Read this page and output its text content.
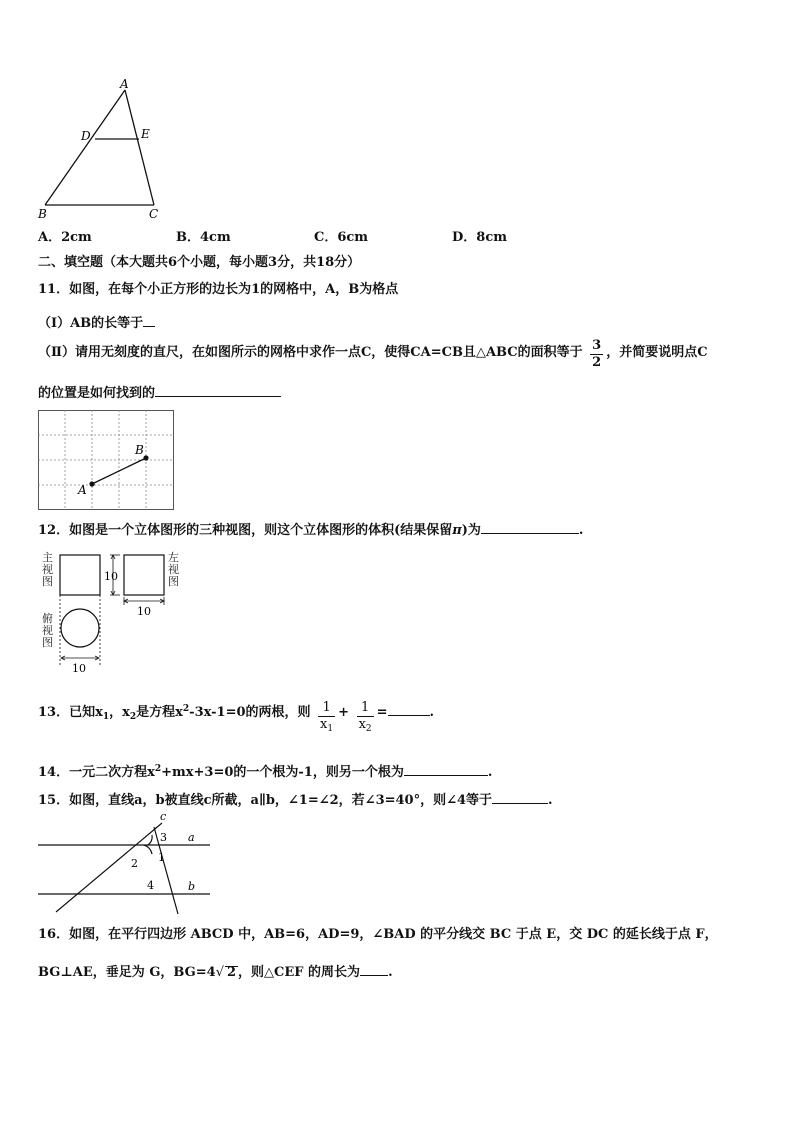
A
D	E
B	C
A．2cm	B．4cm	C．6cm	D．8cm
二、填空题（本大题共6个小题，每小题3分，共18分）
11．如图，在每个小正方形的边长为1的网格中，A，B为格点
（Ⅰ）AB的长等于
（Ⅱ）请用无刻度的直尺，在如图所示的网格中求作一点C，使得CA=CB且△ABC的面积等于 $\frac{3}{2}$ ，并简要说明点C
的位置是如何找到的
A
B
12．如图是一个立体图形的三种视图，则这个立体图形的体积(结果保留π)为	.
主
视
图
左
视
图
俯
视
图
10
10
10
13．已知$x_1$，$x_2$是方程$x^2-3x-1=0$的两根，则 $\frac{1}{x_1} + \frac{1}{x_2}$ =	.
14．一元二次方程$x^2+mx+3=0$的一个根为-1，则另一个根为	.
15．如图，直线a，b被直线c所截，a∥b，∠1=∠2，若∠3=40°，则∠4等于	.
c
a
b
3
1
2
4
16．如图，在平行四边形 ABCD 中，AB=6，AD=9，∠BAD 的平分线交 BC 于点 E，交 DC 的延长线于点 F，
BG⊥AE，垂足为 G，BG=4√ 2 ，则△CEF 的周长为 .
